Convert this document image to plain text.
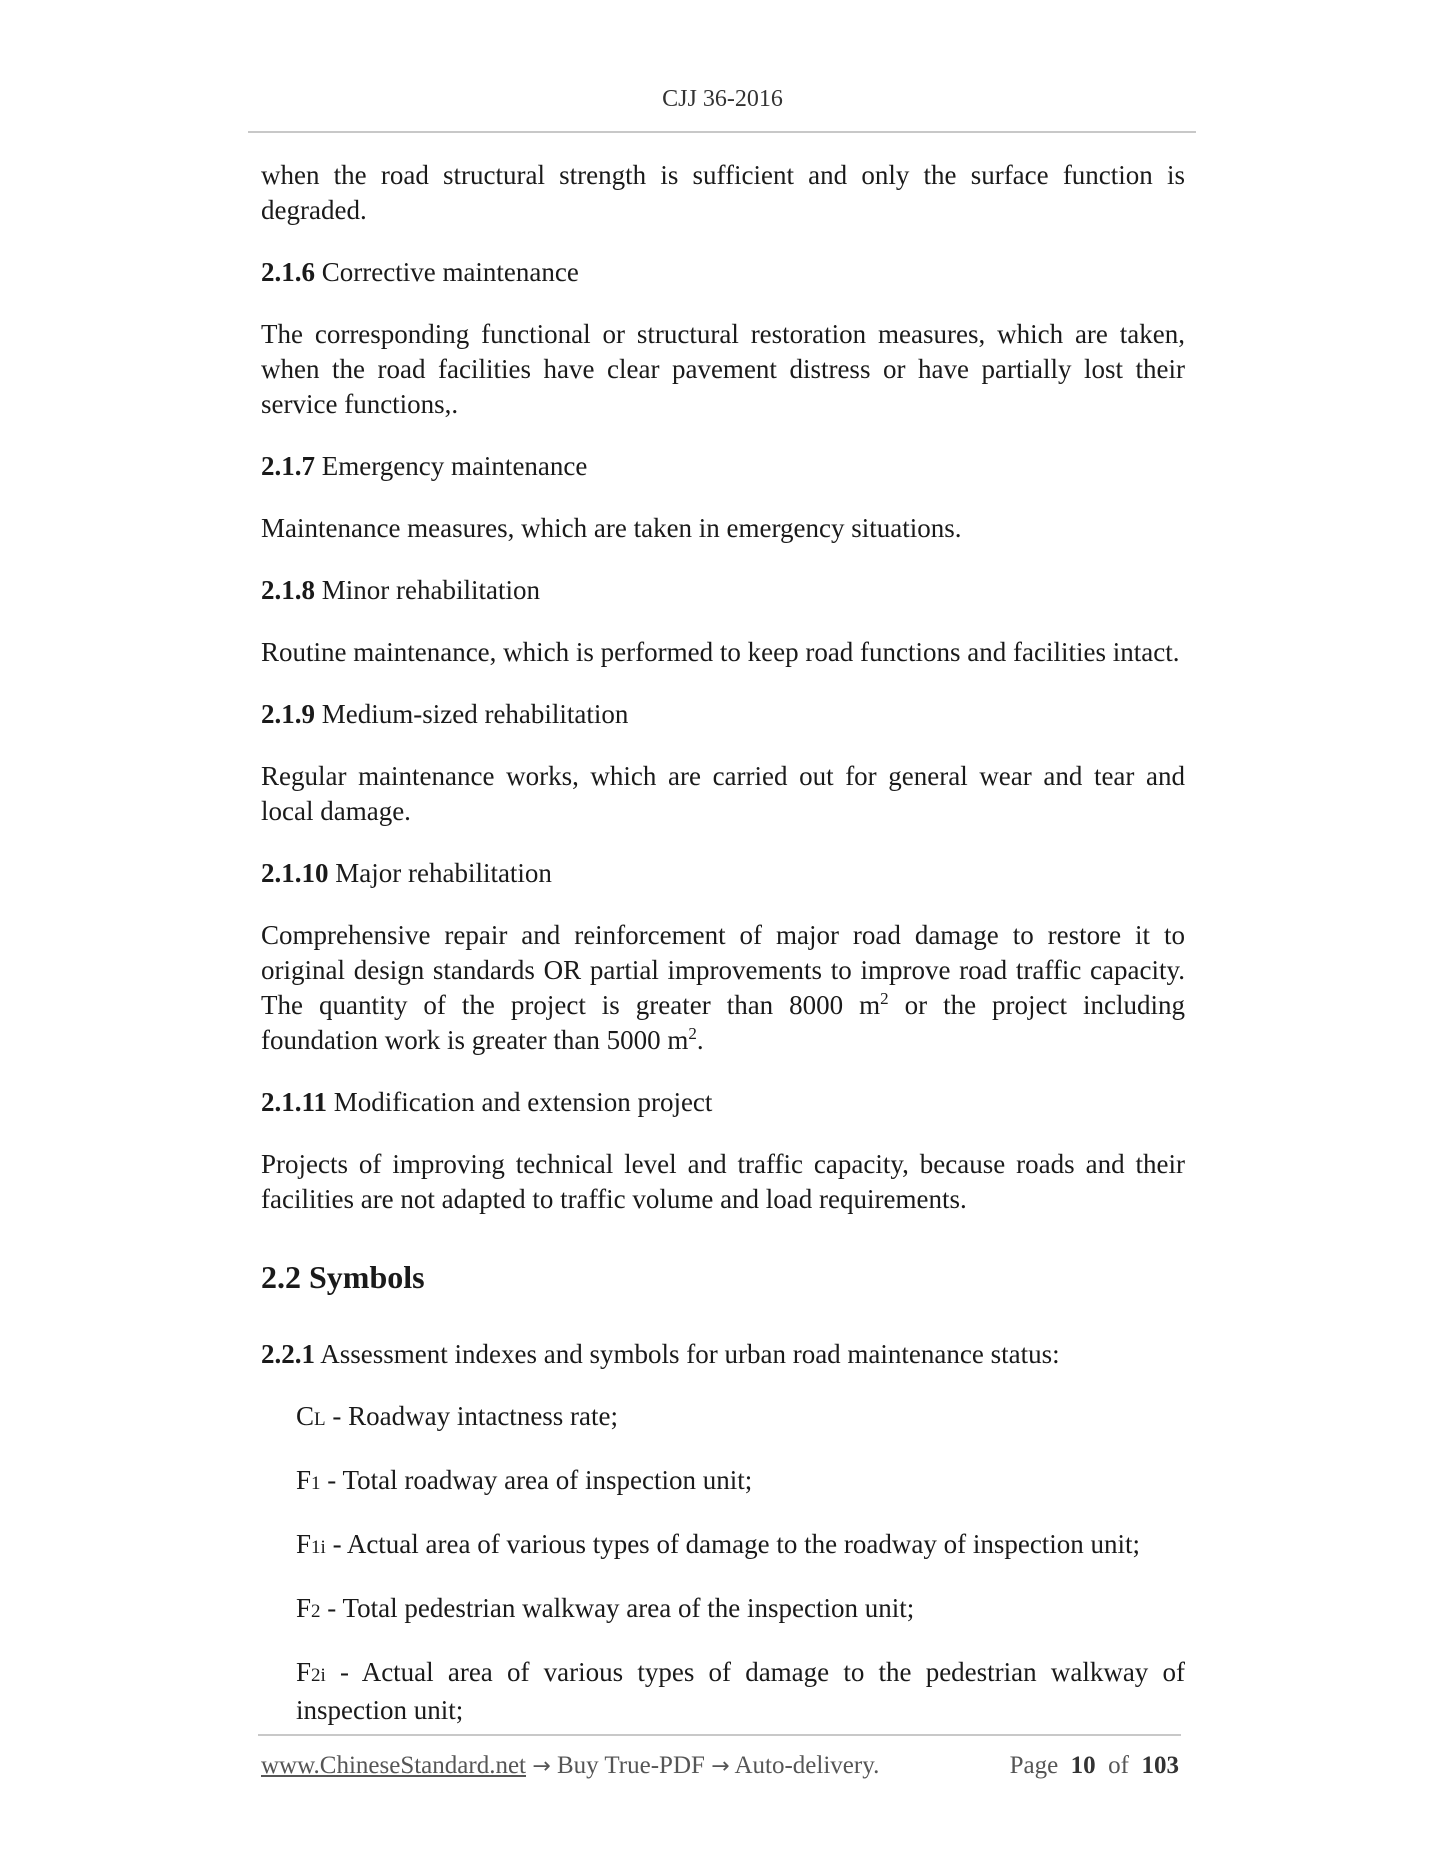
CJJ 36-2016

when the road structural strength is sufficient and only the surface function is degraded.

2.1.6 Corrective maintenance

The corresponding functional or structural restoration measures, which are taken, when the road facilities have clear pavement distress or have partially lost their service functions,.

2.1.7 Emergency maintenance

Maintenance measures, which are taken in emergency situations.

2.1.8 Minor rehabilitation

Routine maintenance, which is performed to keep road functions and facilities intact.

2.1.9 Medium-sized rehabilitation

Regular maintenance works, which are carried out for general wear and tear and local damage.

2.1.10 Major rehabilitation

Comprehensive repair and reinforcement of major road damage to restore it to original design standards OR partial improvements to improve road traffic capacity. The quantity of the project is greater than 8000 $m^2$ or the project including foundation work is greater than 5000 $m^2$.

2.1.11 Modification and extension project

Projects of improving technical level and traffic capacity, because roads and their facilities are not adapted to traffic volume and load requirements.

2.2 Symbols

2.2.1 Assessment indexes and symbols for urban road maintenance status:

CL - Roadway intactness rate;

F1 - Total roadway area of inspection unit;

F1i - Actual area of various types of damage to the roadway of inspection unit;

F2 - Total pedestrian walkway area of the inspection unit;

F2i - Actual area of various types of damage to the pedestrian walkway of inspection unit;

www.ChineseStandard.net → Buy True-PDF → Auto-delivery.	Page 10 of 103
